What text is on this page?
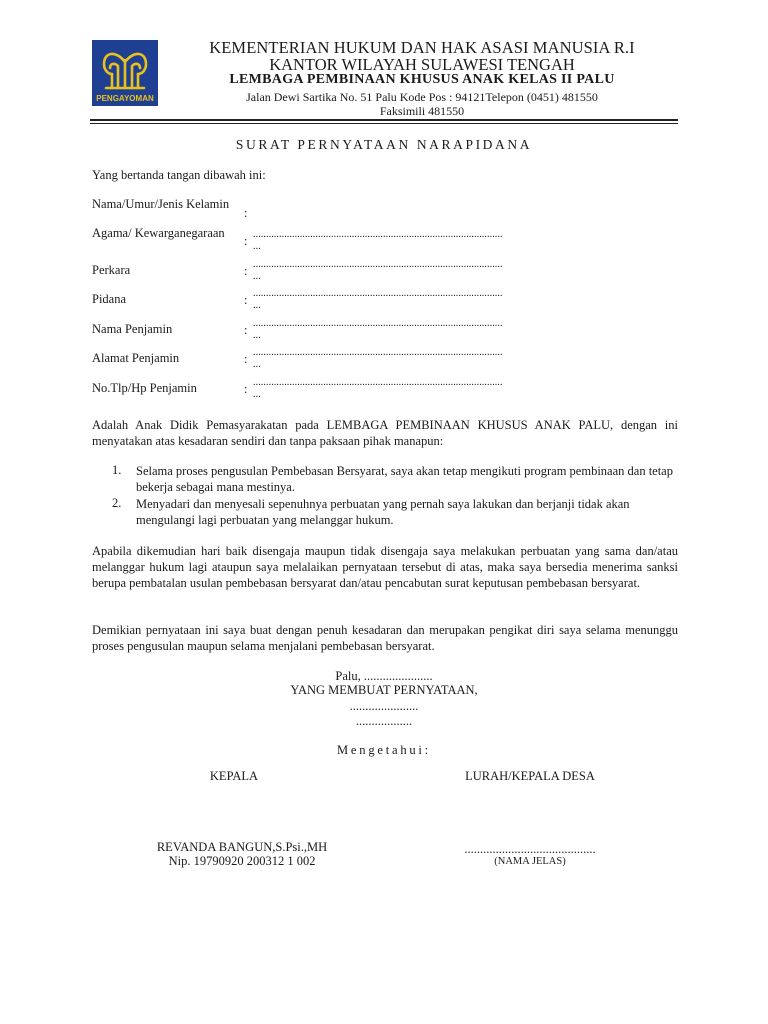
PENGAYOMAN
KEMENTERIAN HUKUM DAN HAK ASASI MANUSIA R.I
KANTOR WILAYAH SULAWESI TENGAH
LEMBAGA PEMBINAAN KHUSUS ANAK KELAS II PALU
Jalan Dewi Sartika No. 51 Palu Kode Pos : 94121Telepon (0451) 481550
Faksimili 481550
SURAT PERNYATAAN NARAPIDANA
Yang bertanda tangan dibawah ini:
Nama/Umur/Jenis Kelamin
:
Agama/ Kewarganegaraan
: ................................................................................................
...
Perkara	: ................................................................................................
...
Pidana	: ................................................................................................
...
Nama Penjamin	: ................................................................................................
...
Alamat Penjamin	: ................................................................................................
...
No.Tlp/Hp Penjamin	: ................................................................................................
...
Adalah Anak Didik Pemasyarakatan pada LEMBAGA PEMBINAAN KHUSUS ANAK PALU, dengan ini menyatakan atas kesadaran sendiri dan tanpa paksaan pihak manapun:
1. Selama proses pengusulan Pembebasan Bersyarat, saya akan tetap mengikuti program pembinaan dan tetap bekerja sebagai mana mestinya.
2. Menyadari dan menyesali sepenuhnya perbuatan yang pernah saya lakukan dan berjanji tidak akan mengulangi lagi perbuatan yang melanggar hukum.
Apabila dikemudian hari baik disengaja maupun tidak disengaja saya melakukan perbuatan yang sama dan/atau melanggar hukum lagi ataupun saya melalaikan pernyataan tersebut di atas, maka saya bersedia menerima sanksi berupa pembatalan usulan pembebasan bersyarat dan/atau pencabutan surat keputusan pembebasan bersyarat.
Demikian pernyataan ini saya buat dengan penuh kesadaran dan merupakan pengikat diri saya selama menunggu proses pengusulan maupun selama menjalani pembebasan bersyarat.
Palu, ......................
YANG MEMBUAT PERNYATAAN,
......................
..................
Mengetahui:
KEPALA	LURAH/KEPALA DESA
REVANDA BANGUN,S.Psi.,MH
Nip. 19790920 200312 1 002
..........................................
(NAMA JELAS)
